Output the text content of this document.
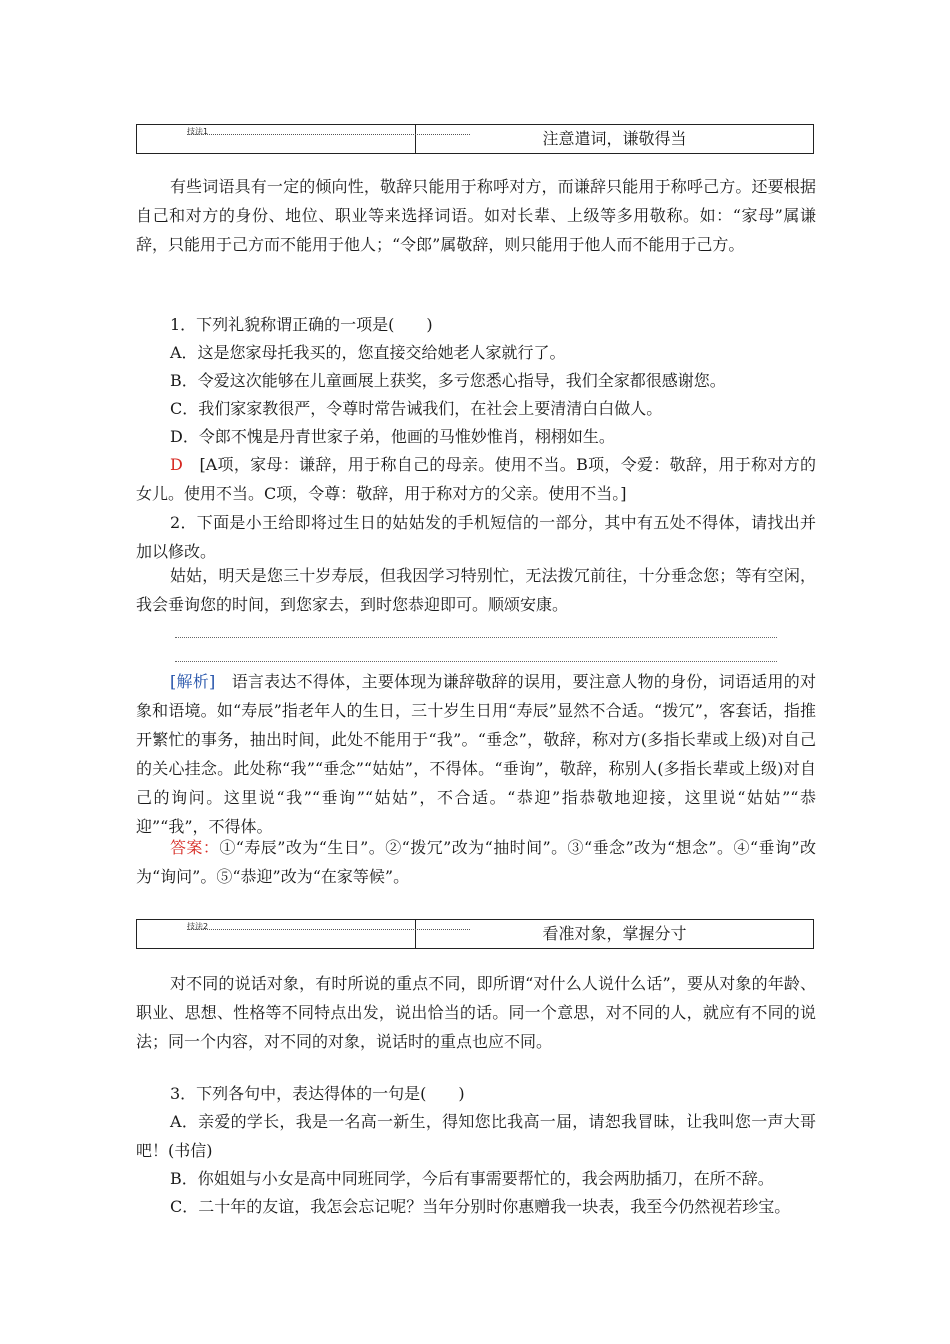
技法1	注意遣词，谦敬得当

有些词语具有一定的倾向性，敬辞只能用于称呼对方，而谦辞只能用于称呼己方。还要根据自己和对方的身份、地位、职业等来选择词语。如对长辈、上级等多用敬称。如：“家母”属谦辞，只能用于己方而不能用于他人；“令郎”属敬辞，则只能用于他人而不能用于己方。

1．下列礼貌称谓正确的一项是(　　)

A．这是您家母托我买的，您直接交给她老人家就行了。

B．令爱这次能够在儿童画展上获奖，多亏您悉心指导，我们全家都很感谢您。

C．我们家家教很严，令尊时常告诫我们，在社会上要清清白白做人。

D．令郎不愧是丹青世家子弟，他画的马惟妙惟肖，栩栩如生。

D　 [A项，家母：谦辞，用于称自己的母亲。使用不当。B项，令爱：敬辞，用于称对方的女儿。使用不当。C项，令尊：敬辞，用于称对方的父亲。使用不当。]

2．下面是小王给即将过生日的姑姑发的手机短信的一部分，其中有五处不得体，请找出并加以修改。

姑姑，明天是您三十岁寿辰，但我因学习特别忙，无法拨冗前往，十分垂念您；等有空闲，我会垂询您的时间，到您家去，到时您恭迎即可。顺颂安康。

[解析]　 语言表达不得体，主要体现为谦辞敬辞的误用，要注意人物的身份，词语适用的对象和语境。如“寿辰”指老年人的生日，三十岁生日用“寿辰”显然不合适。“拨冗”，客套话，指推开繁忙的事务，抽出时间，此处不能用于“我”。“垂念”，敬辞，称对方(多指长辈或上级)对自己的关心挂念。此处称“我”“垂念”“姑姑”，不得体。“垂询”，敬辞，称别人(多指长辈或上级)对自己的询问。这里说“我”“垂询”“姑姑”，不合适。“恭迎”指恭敬地迎接，这里说“姑姑”“恭迎”“我”，不得体。

答案：①“寿辰”改为“生日”。②“拨冗”改为“抽时间”。③“垂念”改为“想念”。④“垂询”改为“询问”。⑤“恭迎”改为“在家等候”。

技法2	看准对象，掌握分寸

对不同的说话对象，有时所说的重点不同，即所谓“对什么人说什么话”，要从对象的年龄、职业、思想、性格等不同特点出发，说出恰当的话。同一个意思，对不同的人，就应有不同的说法；同一个内容，对不同的对象，说话时的重点也应不同。

3．下列各句中，表达得体的一句是(　　)

A．亲爱的学长，我是一名高一新生，得知您比我高一届，请恕我冒昧，让我叫您一声大哥吧！(书信)

B．你姐姐与小女是高中同班同学，今后有事需要帮忙的，我会两肋插刀，在所不辞。

C．二十年的友谊，我怎会忘记呢？当年分别时你惠赠我一块表，我至今仍然视若珍宝。
